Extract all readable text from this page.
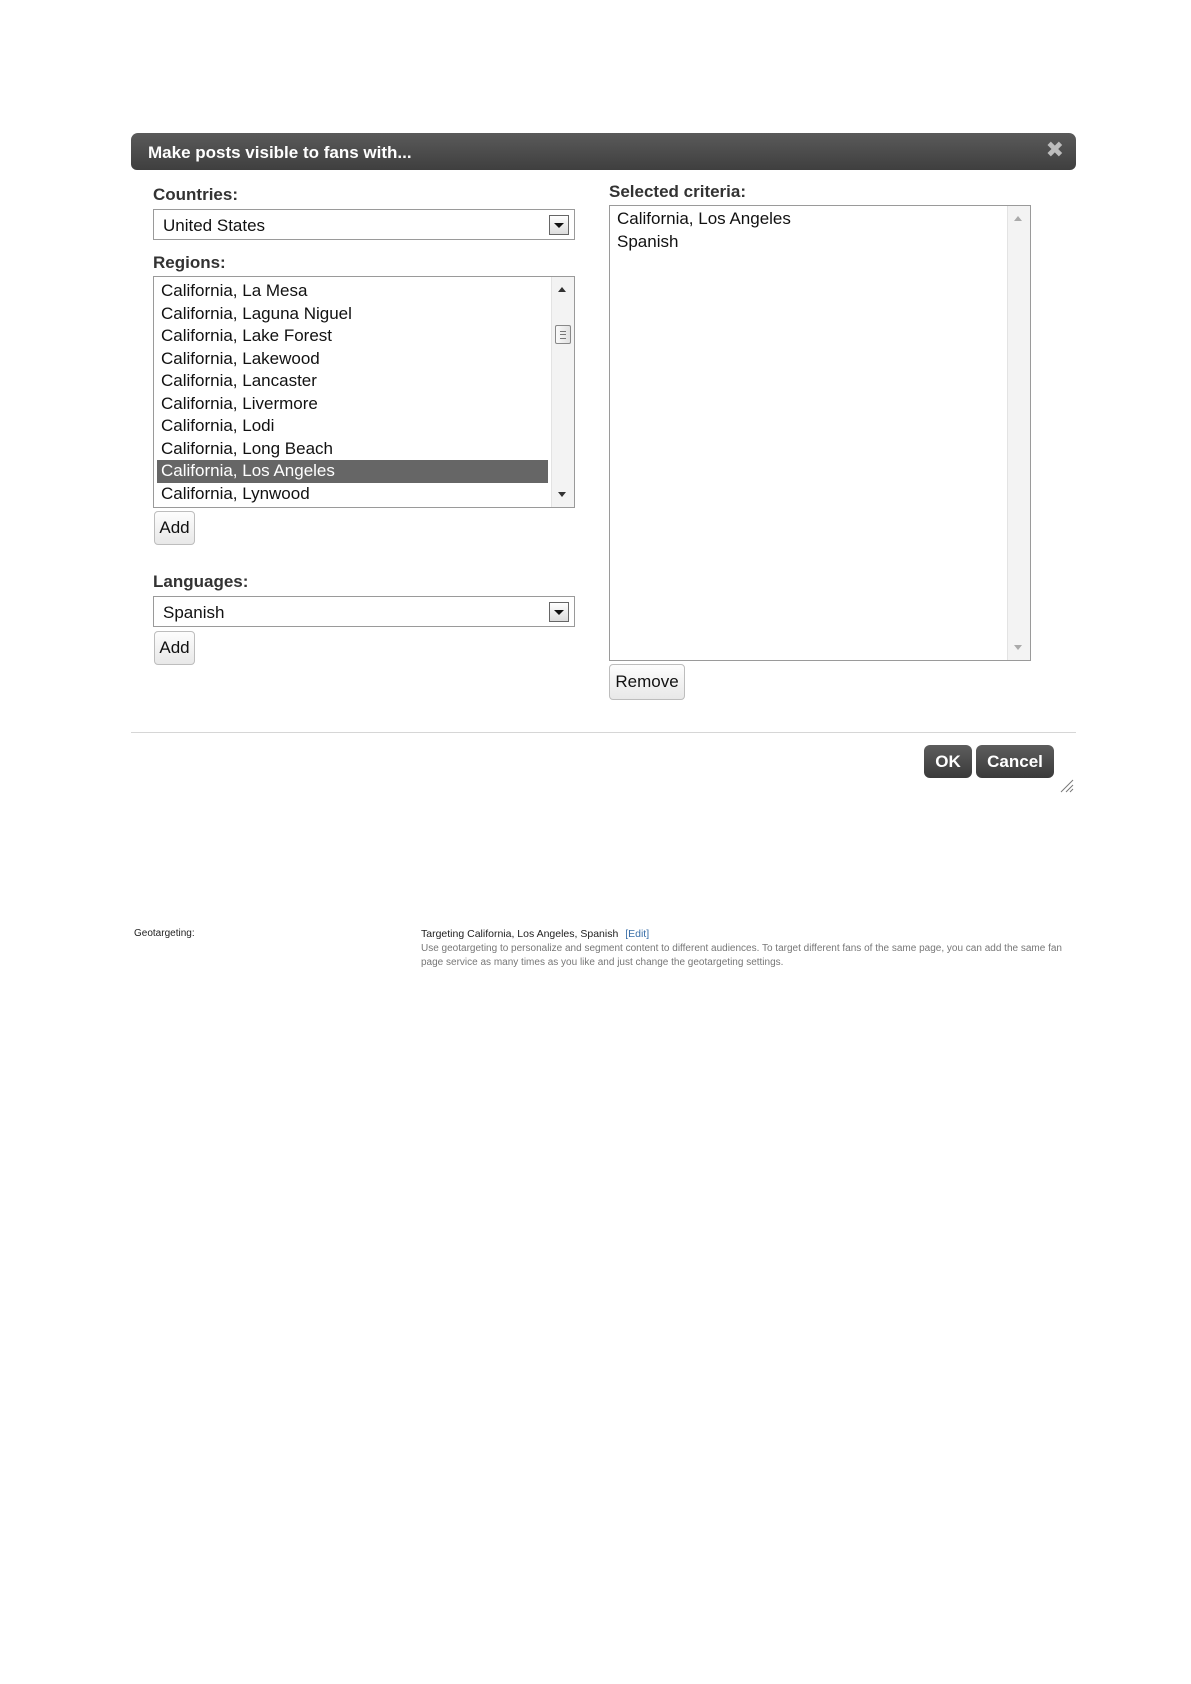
Make posts visible to fans with...	✖
Countries:
United States
Regions:
California, La Mesa
California, Laguna Niguel
California, Lake Forest
California, Lakewood
California, Lancaster
California, Livermore
California, Lodi
California, Long Beach
California, Los Angeles
California, Lynwood
Add
Languages:
Spanish
Add
Selected criteria:
California, Los Angeles
Spanish
Remove
OK	Cancel
Geotargeting:	Targeting California, Los Angeles, Spanish [Edit]
Use geotargeting to personalize and segment content to different audiences. To target different fans of the same page, you can add the same fan page service as many times as you like and just change the geotargeting settings.
